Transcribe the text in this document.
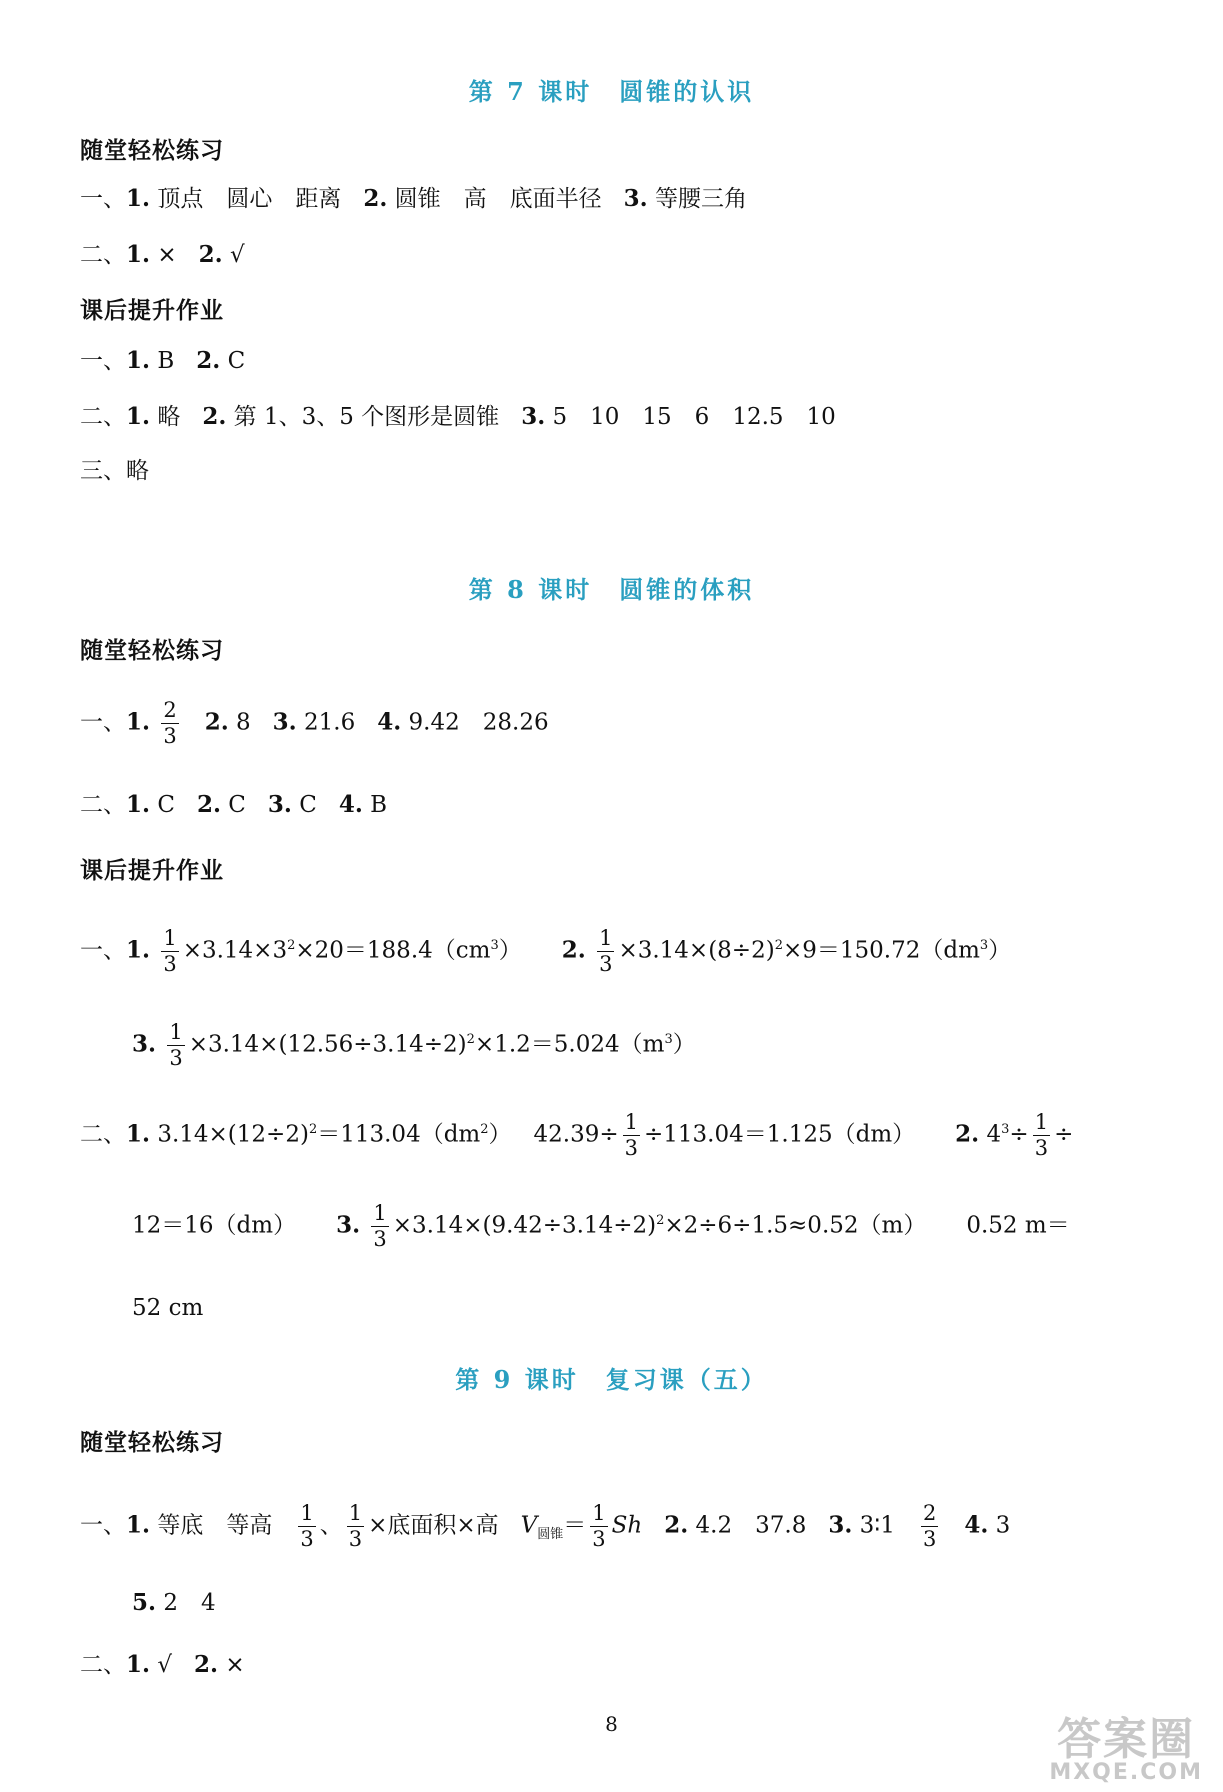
第 7 课时　圆锥的认识
随堂轻松练习
一、1. 顶点　圆心　距离 2. 圆锥　高　底面半径 3. 等腰三角
二、1. × 2. √
课后提升作业
一、1. B 2. C
二、1. 略 2. 第 1、3、5 个图形是圆锥 3. 5　10　15　6　12.5　10
三、略
第 8 课时　圆锥的体积
随堂轻松练习
一、1. $\frac{2}{3} 2$. 8 3. 21.6 4. 9.42　28.26
二、1. C 2. C 3. C 4. B
课后提升作业
一、1. $\frac{1}{3} \times 3.14\times 3^2\times 20=188.4(cm^3)$ 2. $\frac{1}{3} \times 3.14\times(8\div 2)^2\times 9=150.72(dm^3)$
3. $\frac{1}{3} \times 3.14\times(12.56\div 3.14\div 2)^2\times 1.2=5.024(m^3)$
二、1. $3.14\times(12\div 2)^2=113.04(dm^2)$ $42.39\div \frac{1}{3} \div 113.04=1.125(dm)$ 2. $4^3\div \frac{1}{3}$ ÷
12＝16（dm） 3. $\frac{1}{3} \times 3.14\times(9.42\div 3.14\div 2)^2\times 2\div 6\div 1.5\approx 0.52(m)$ 0.52 m＝
52 cm
第 9 课时　复习课（五）
随堂轻松练习
一、1. 等底　等高 $\frac{1}{3}$ 、 $\frac{1}{3}$ ×底面积×高 $V_{圆锥}= \frac{1}{3}$ Sh 2. 4.2　37.8 3. 3∶1 $\frac{2}{3} 4$. 3
5. 2　4
二、1. √ 2. ×
8	答案圈
MXQE.COM
